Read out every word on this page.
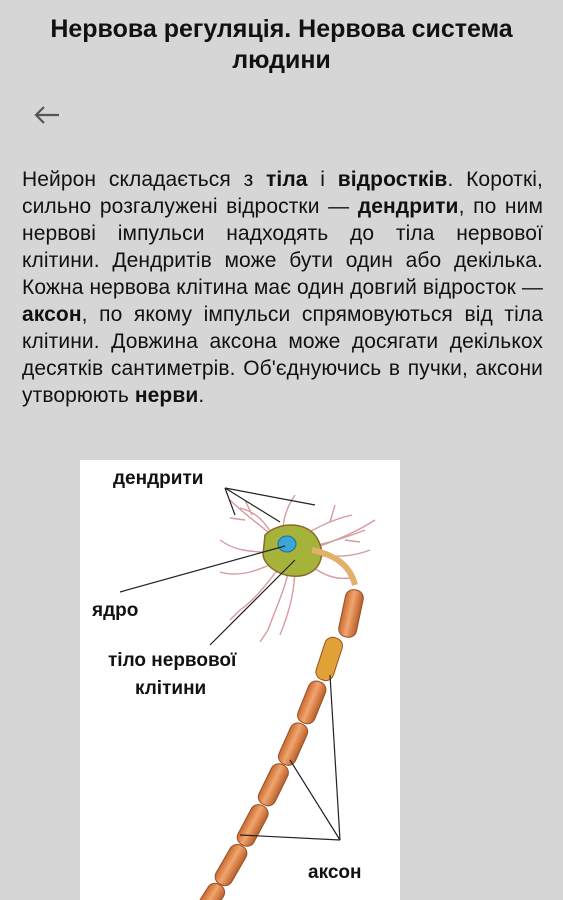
Нервова регуляція. Нервова система людини
Нейрон складається з тіла і відростків. Короткі, сильно розгалужені відростки — дендрити, по ним нервові імпульси надходять до тіла нервової клітини. Дендритів може бути один або декілька. Кожна нервова клітина має один довгий відросток — аксон, по якому імпульси спрямовуються від тіла клітини. Довжина аксона може досягати декількох десятків сантиметрів. Об'єднуючись в пучки, аксони утворюють нерви.
дендрити
ядро
тіло нервової
клітини
аксон
